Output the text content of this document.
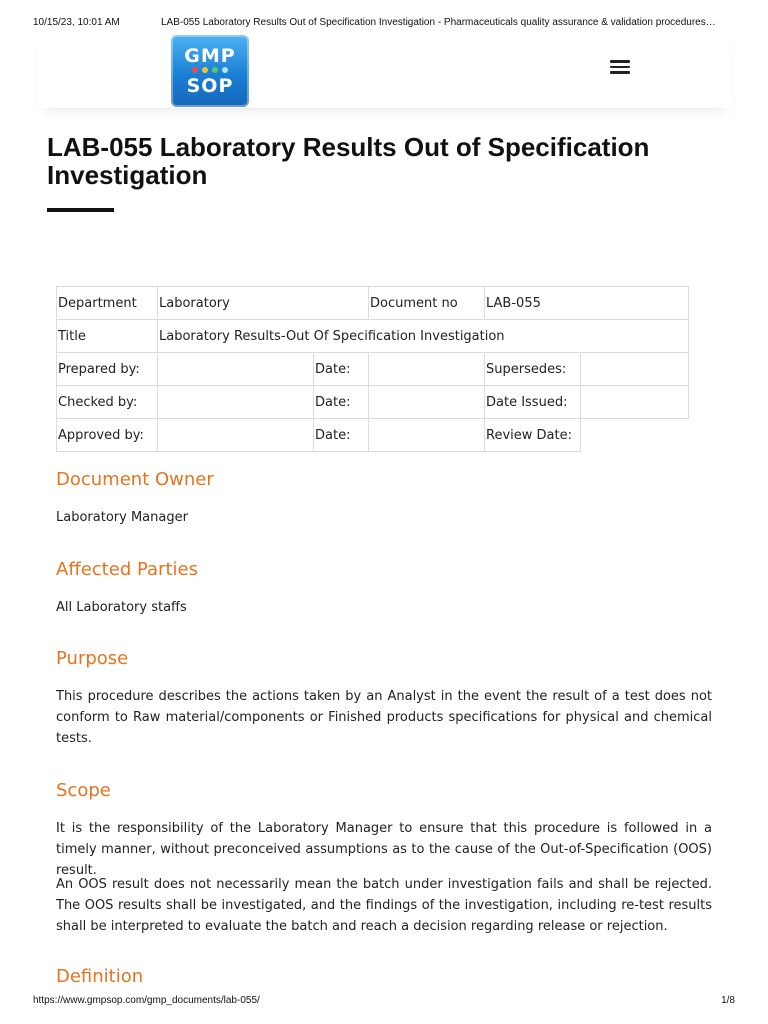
10/15/23, 10:01 AM	LAB-055 Laboratory Results Out of Specification Investigation - Pharmaceuticals quality assurance & validation procedures…
GMP
SOP
LAB-055 Laboratory Results Out of Specification Investigation
Department	Laboratory		Document no	LAB-055	
Title	Laboratory Results-Out Of Specification Investigation				
Prepared by:		Date:		Supersedes:	
Checked by:		Date:		Date Issued:	
Approved by:		Date:		Review Date:	
Document Owner

Laboratory Manager

Affected Parties

All Laboratory staffs

Purpose

This procedure describes the actions taken by an Analyst in the event the result of a test does not conform to Raw material/components or Finished products specifications for physical and chemical tests.

Scope

It is the responsibility of the Laboratory Manager to ensure that this procedure is followed in a timely manner, without preconceived assumptions as to the cause of the Out-of-Specification (OOS) result.

An OOS result does not necessarily mean the batch under investigation fails and shall be rejected. The OOS results shall be investigated, and the findings of the investigation, including re-test results shall be interpreted to evaluate the batch and reach a decision regarding release or rejection.

Definition
https://www.gmpsop.com/gmp_documents/lab-055/	1/8
